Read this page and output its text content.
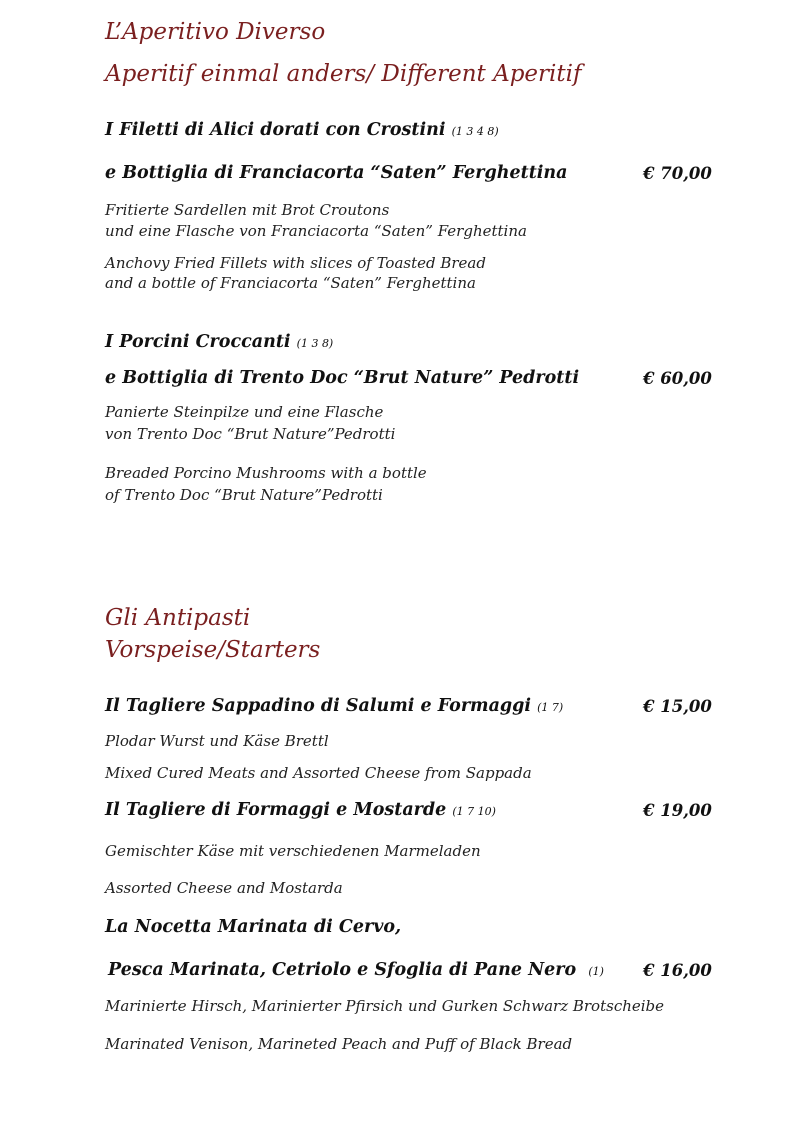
L’Aperitivo Diverso
Aperitif einmal anders/ Different Aperitif
I Filetti di Alici dorati con Crostini (1 3 4 8)
e Bottiglia di Franciacorta “Saten” Ferghettina	€ 70,00
Fritierte Sardellen mit Brot Croutons
und eine Flasche von Franciacorta “Saten” Ferghettina
Anchovy Fried Fillets with slices of Toasted Bread
and a bottle of Franciacorta “Saten” Ferghettina
I Porcini Croccanti (1 3 8)
e Bottiglia di Trento Doc “Brut Nature” Pedrotti	€ 60,00
Panierte Steinpilze und eine Flasche
von Trento Doc “Brut Nature”Pedrotti
Breaded Porcino Mushrooms with a bottle
of Trento Doc “Brut Nature”Pedrotti
Gli Antipasti
Vorspeise/Starters
Il Tagliere Sappadino di Salumi e Formaggi (1 7)	€ 15,00
Plodar Wurst und Käse Brettl
Mixed Cured Meats and Assorted Cheese from Sappada
Il Tagliere di Formaggi e Mostarde (1 7 10)	€ 19,00
Gemischter Käse mit verschiedenen Marmeladen
Assorted Cheese and Mostarda
La Nocetta Marinata di Cervo,
Pesca Marinata, Cetriolo e Sfoglia di Pane Nero (1) € 16,00
Marinierte Hirsch, Marinierter Pfirsich und Gurken Schwarz Brotscheibe
Marinated Venison, Marineted Peach and Puff of Black Bread
